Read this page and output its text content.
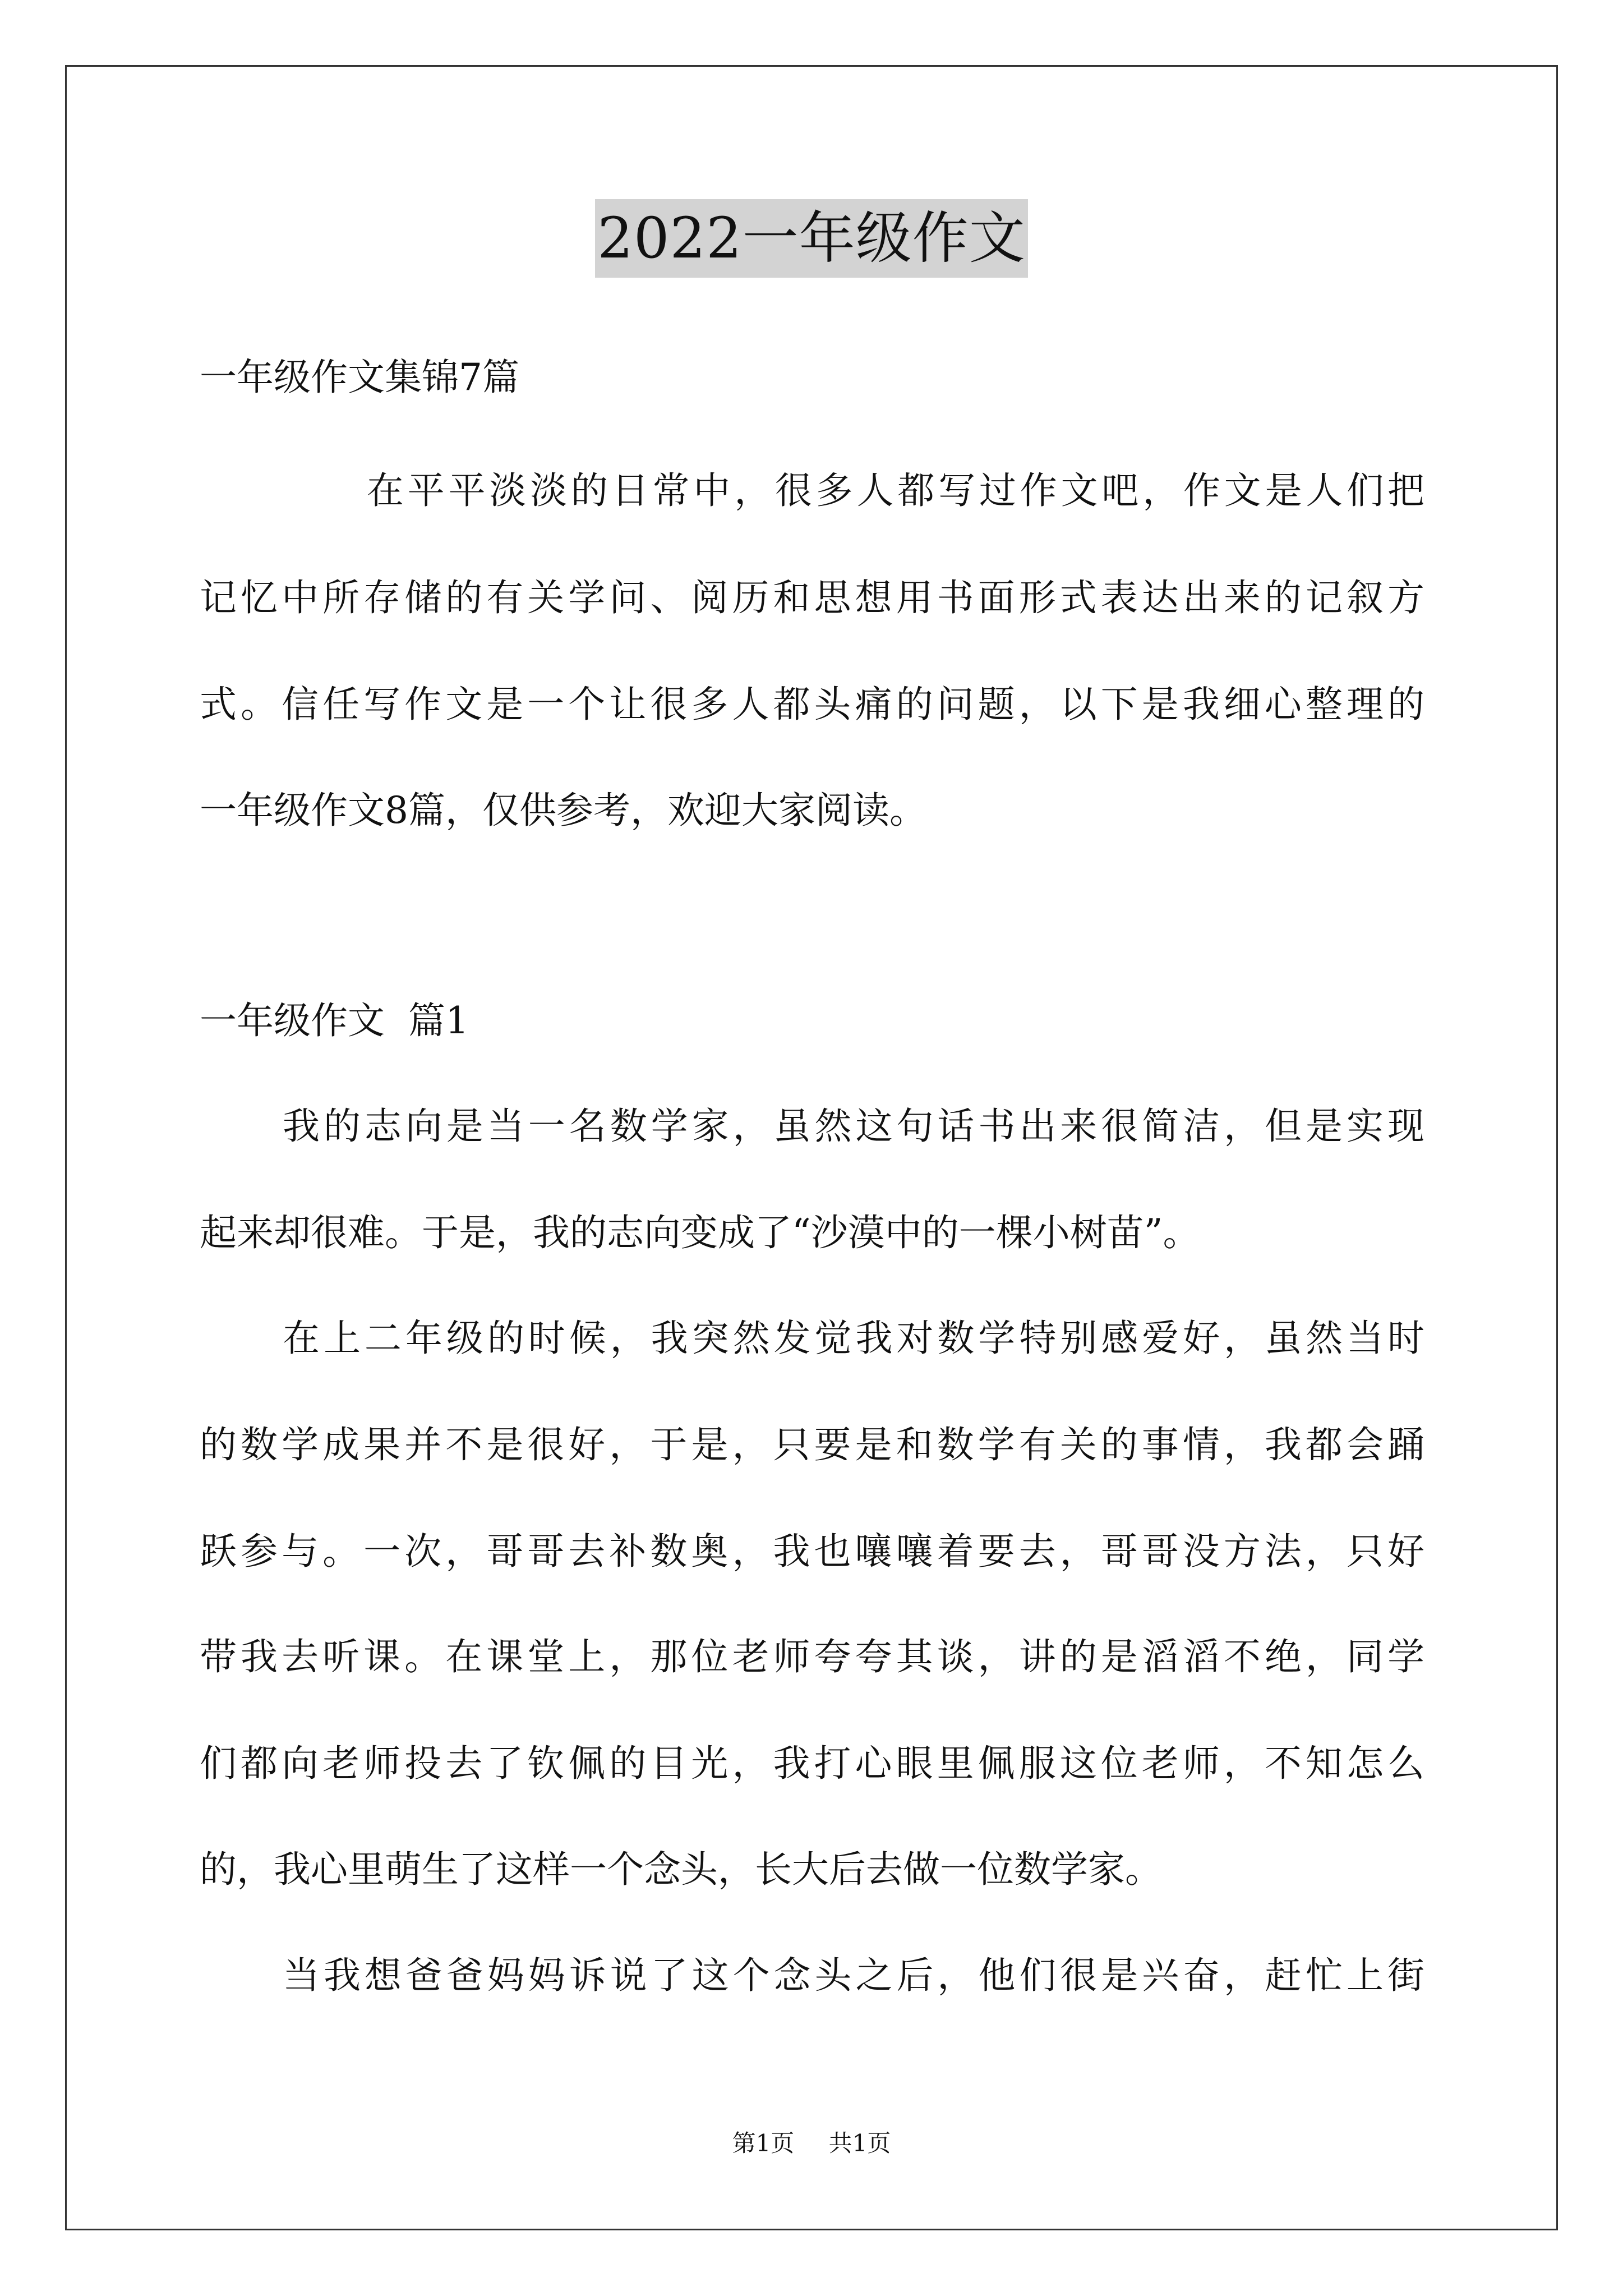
2022一年级作文
一年级作文集锦7篇
在平平淡淡的日常中，很多人都写过作文吧，作文是人们把
记忆中所存储的有关学问、阅历和思想用书面形式表达出来的记叙方
式。信任写作文是一个让很多人都头痛的问题，以下是我细心整理的
一年级作文8篇，仅供参考，欢迎大家阅读。
一年级作文  篇1
我的志向是当一名数学家，虽然这句话书出来很简洁，但是实现
起来却很难。于是，我的志向变成了“沙漠中的一棵小树苗”。
在上二年级的时候，我突然发觉我对数学特别感爱好，虽然当时
的数学成果并不是很好，于是，只要是和数学有关的事情，我都会踊
跃参与。一次，哥哥去补数奥，我也嚷嚷着要去，哥哥没方法，只好
带我去听课。在课堂上，那位老师夸夸其谈，讲的是滔滔不绝，同学
们都向老师投去了钦佩的目光，我打心眼里佩服这位老师，不知怎么
的，我心里萌生了这样一个念头，长大后去做一位数学家。
当我想爸爸妈妈诉说了这个念头之后，他们很是兴奋，赶忙上街
第1页 共1页
